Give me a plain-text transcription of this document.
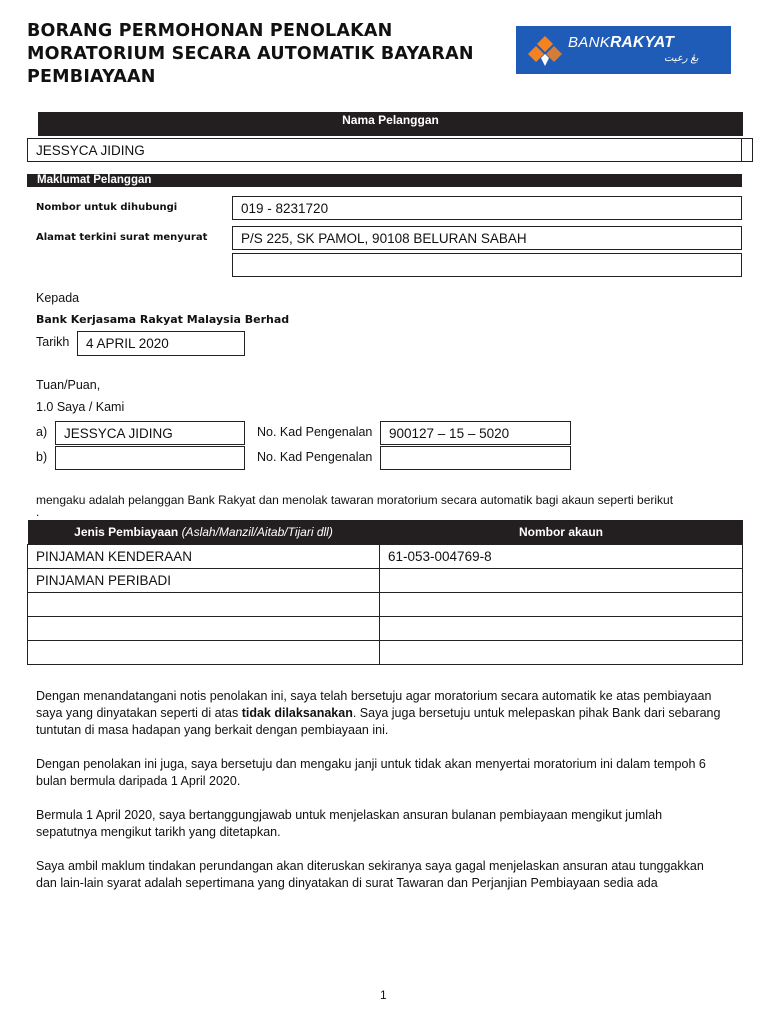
BORANG PERMOHONAN PENOLAKAN
MORATORIUM SECARA AUTOMATIK BAYARAN
PEMBIAYAAN
BANKRAKYAT
بڠ رعيت
Nama Pelanggan
JESSYCA JIDING
Maklumat Pelanggan
Nombor untuk dihubungi	019 - 8231720
Alamat terkini surat menyurat P/S 225, SK PAMOL, 90108 BELURAN SABAH
Kepada
Bank Kerjasama Rakyat Malaysia Berhad
Tarikh 4 APRIL 2020
Tuan/Puan,
1.0 Saya / Kami
a) JESSYCA JIDING	No. Kad Pengenalan 900127 – 15 – 5020
b)	No. Kad Pengenalan
mengaku adalah pelanggan Bank Rakyat dan menolak tawaran moratorium secara automatik bagi akaun seperti berikut
.
Jenis Pembiayaan (Aslah/Manzil/Aitab/Tijari dll)	Nombor akaun
PINJAMAN KENDERAAN	61-053-004769-8
PINJAMAN PERIBADI	

Dengan menandatangani notis penolakan ini, saya telah bersetuju agar moratorium secara automatik ke atas pembiayaan saya yang dinyatakan seperti di atas tidak dilaksanakan. Saya juga bersetuju untuk melepaskan pihak Bank dari sebarang tuntutan di masa hadapan yang berkait dengan pembiayaan ini.
Dengan penolakan ini juga, saya bersetuju dan mengaku janji untuk tidak akan menyertai moratorium ini dalam tempoh 6 bulan bermula daripada 1 April 2020.
Bermula 1 April 2020, saya bertanggungjawab untuk menjelaskan ansuran bulanan pembiayaan mengikut jumlah sepatutnya mengikut tarikh yang ditetapkan.
Saya ambil maklum tindakan perundangan akan diteruskan sekiranya saya gagal menjelaskan ansuran atau tunggakkan dan lain-lain syarat adalah sepertimana yang dinyatakan di surat Tawaran dan Perjanjian Pembiayaan sedia ada
1
